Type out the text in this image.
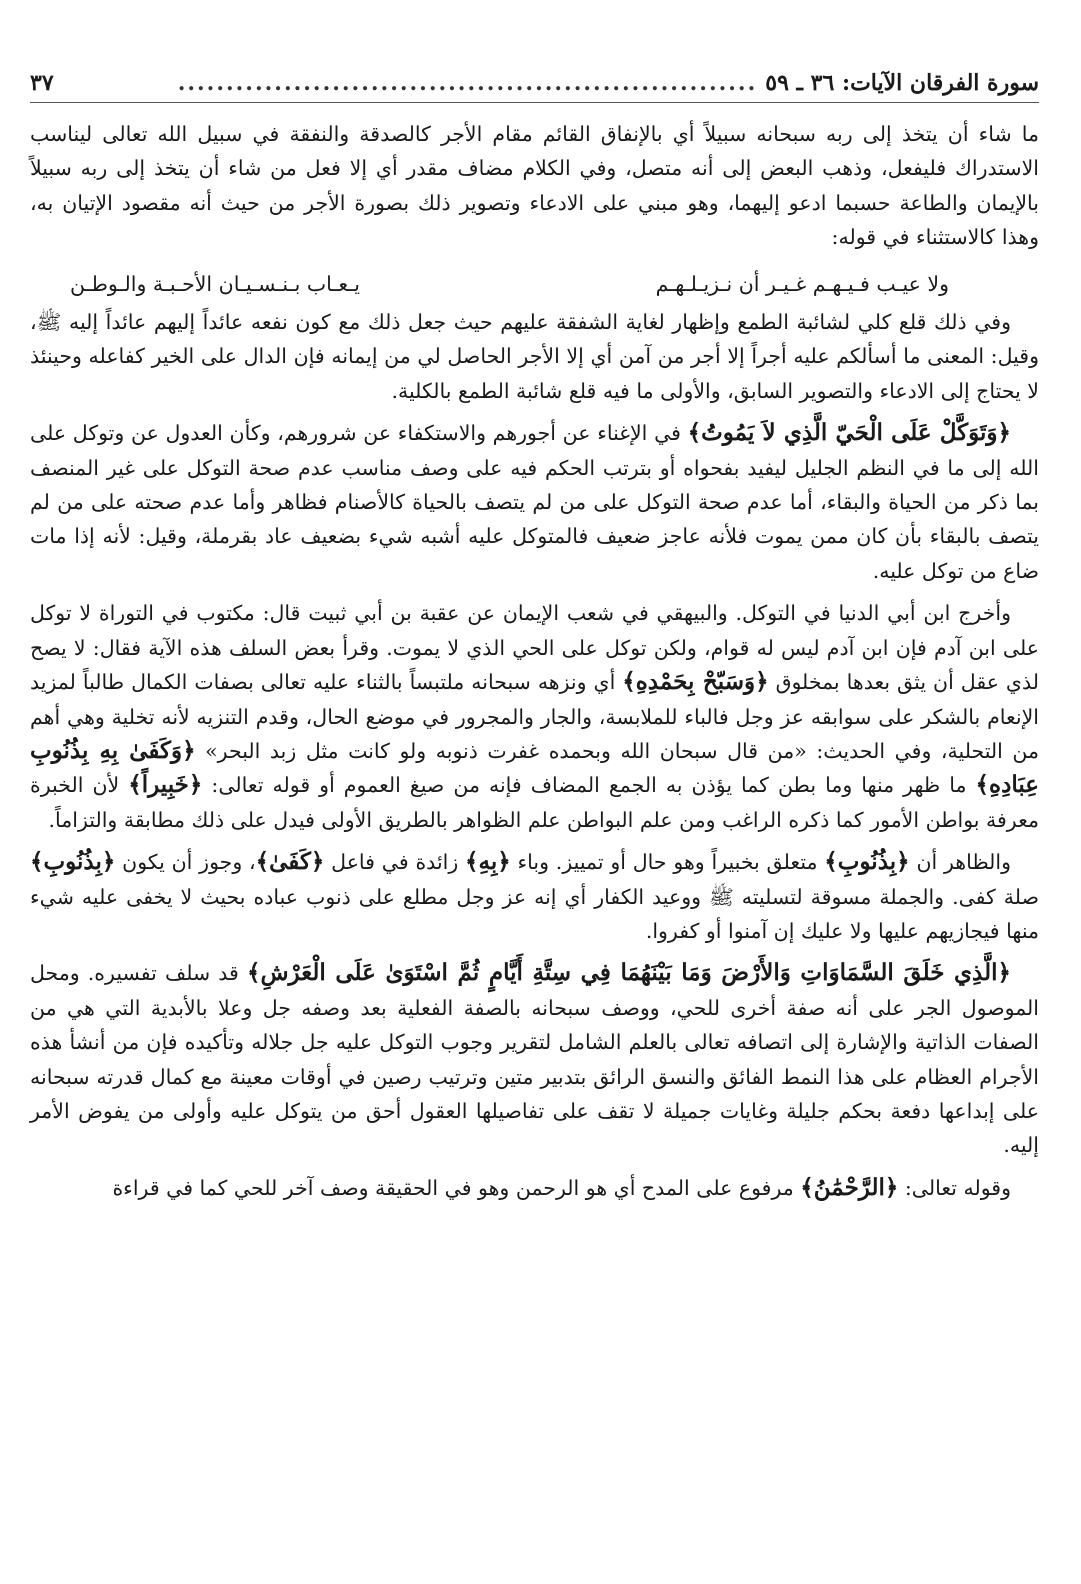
سورة الفرقان الآيات: ٣٦ ـ ٥٩
............................................................
٣٧

ما شاء أن يتخذ إلى ربه سبحانه سبيلاً أي بالإنفاق القائم مقام الأجر كالصدقة والنفقة في سبيل الله تعالى ليناسب الاستدراك فليفعل، وذهب البعض إلى أنه متصل، وفي الكلام مضاف مقدر أي إلا فعل من شاء أن يتخذ إلى ربه سبيلاً بالإيمان والطاعة حسبما ادعو إليهما، وهو مبني على الادعاء وتصوير ذلك بصورة الأجر من حيث أنه مقصود الإتيان به، وهذا كالاستثناء في قوله:

ولا عيـب فـيـهـم غـيـر أن نـزيـلـهـم
يـعـاب بـنـسـيـان الأحـبـة والـوطـن

وفي ذلك قلع كلي لشائبة الطمع وإظهار لغاية الشفقة عليهم حيث جعل ذلك مع كون نفعه عائداً إليهم عائداً إليه ﷺ، وقيل: المعنى ما أسألكم عليه أجراً إلا أجر من آمن أي إلا الأجر الحاصل لي من إيمانه فإن الدال على الخير كفاعله وحينئذ لا يحتاج إلى الادعاء والتصوير السابق، والأولى ما فيه قلع شائبة الطمع بالكلية.

﴿وَتَوَكَّلْ عَلَى الْحَيّ الَّذِي لاَ يَمُوتُ﴾ في الإغناء عن أجورهم والاستكفاء عن شرورهم، وكأن العدول عن وتوكل على الله إلى ما في النظم الجليل ليفيد بفحواه أو بترتب الحكم فيه على وصف مناسب عدم صحة التوكل على غير المنصف بما ذكر من الحياة والبقاء، أما عدم صحة التوكل على من لم يتصف بالحياة كالأصنام فظاهر وأما عدم صحته على من لم يتصف بالبقاء بأن كان ممن يموت فلأنه عاجز ضعيف فالمتوكل عليه أشبه شيء بضعيف عاد بقرملة، وقيل: لأنه إذا مات ضاع من توكل عليه.

وأخرج ابن أبي الدنيا في التوكل. والبيهقي في شعب الإيمان عن عقبة بن أبي ثبيت قال: مكتوب في التوراة لا توكل على ابن آدم فإن ابن آدم ليس له قوام، ولكن توكل على الحي الذي لا يموت. وقرأ بعض السلف هذه الآية فقال: لا يصح لذي عقل أن يثق بعدها بمخلوق ﴿وَسَبّحْ بِحَمْدِهِ﴾ أي ونزهه سبحانه ملتبساً بالثناء عليه تعالى بصفات الكمال طالباً لمزيد الإنعام بالشكر على سوابقه عز وجل فالباء للملابسة، والجار والمجرور في موضع الحال، وقدم التنزيه لأنه تخلية وهي أهم من التحلية، وفي الحديث: «من قال سبحان الله وبحمده غفرت ذنوبه ولو كانت مثل زبد البحر» ﴿وَكَفَىٰ بِهِ بِذُنُوبِ عِبَادِهِ﴾ ما ظهر منها وما بطن كما يؤذن به الجمع المضاف فإنه من صيغ العموم أو قوله تعالى: ﴿خَبِيراً﴾ لأن الخبرة معرفة بواطن الأمور كما ذكره الراغب ومن علم البواطن علم الظواهر بالطريق الأولى فيدل على ذلك مطابقة والتزاماً.

والظاهر أن ﴿بِذُنُوبِ﴾ متعلق بخبيراً وهو حال أو تمييز. وباء ﴿بِهِ﴾ زائدة في فاعل ﴿كَفَىٰ﴾، وجوز أن يكون ﴿بِذُنُوبِ﴾ صلة كفى. والجملة مسوقة لتسليته ﷺ ووعيد الكفار أي إنه عز وجل مطلع على ذنوب عباده بحيث لا يخفى عليه شيء منها فيجازيهم عليها ولا عليك إن آمنوا أو كفروا.

﴿الَّذِي خَلَقَ السَّمَاوَاتِ وَالأَرْضَ وَمَا بَيْنَهُمَا فِي سِتَّةِ أَيَّامٍ ثُمَّ اسْتَوَىٰ عَلَى الْعَرْشِ﴾ قد سلف تفسيره. ومحل الموصول الجر على أنه صفة أخرى للحي، ووصف سبحانه بالصفة الفعلية بعد وصفه جل وعلا بالأبدية التي هي من الصفات الذاتية والإشارة إلى اتصافه تعالى بالعلم الشامل لتقرير وجوب التوكل عليه جل جلاله وتأكيده فإن من أنشأ هذه الأجرام العظام على هذا النمط الفائق والنسق الرائق بتدبير متين وترتيب رصين في أوقات معينة مع كمال قدرته سبحانه على إبداعها دفعة بحكم جليلة وغايات جميلة لا تقف على تفاصيلها العقول أحق من يتوكل عليه وأولى من يفوض الأمر إليه.

وقوله تعالى: ﴿الرَّحْمَٰنُ﴾ مرفوع على المدح أي هو الرحمن وهو في الحقيقة وصف آخر للحي كما في قراءة
